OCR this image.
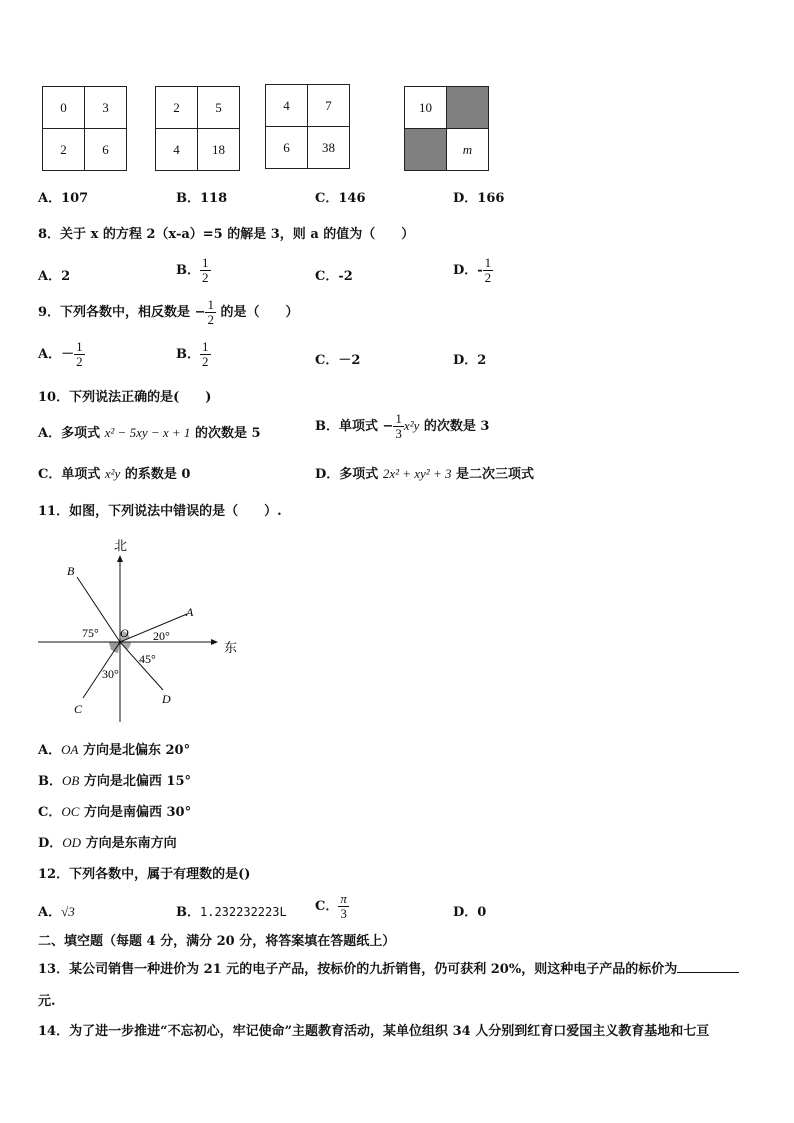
0	3
2	6
2	5
4	18
4	7
6	38
10	
	m
A．107	B．118	C．146	D．166
8．关于 x 的方程 2（x-a）=5 的解是 3，则 a 的值为（　　）
A．2	B． $\frac{1}{2}$	C．-2	D．- $\frac{1}{2}$
9．下列各数中，相反数是 − $\frac{1}{2}$ 的是（　　）
A．－ $\frac{1}{2}$	B． $\frac{1}{2}$	C．－2	D．2
10．下列说法正确的是(　　)
A．多项式 x² − 5xy − x + 1 的次数是 5	B．单项式 − $\frac{1}{3} x^2y$ 的次数是 3
C．单项式 x²y 的系数是 0	D．多项式 2x² + xy² + 3 是二次三项式
11．如图，下列说法中错误的是（　　）.
北
东
A
B
C
D
O
75°	20°
45°
30°
A．OA 方向是北偏东 20°
B．OB 方向是北偏西 15°
C．OC 方向是南偏西 30°
D．OD 方向是东南方向
12．下列各数中，属于有理数的是()
A．√3	B．1.232232223L C． $\frac{\pi}{3}$	D．0
二、填空题（每题 4 分，满分 20 分，将答案填在答题纸上）
13．某公司销售一种进价为 21 元的电子产品，按标价的九折销售，仍可获利 20%，则这种电子产品的标价为
元.
14．为了进一步推进“不忘初心，牢记使命”主题教育活动，某单位组织 34 人分别到红育口爱国主义教育基地和七亘
